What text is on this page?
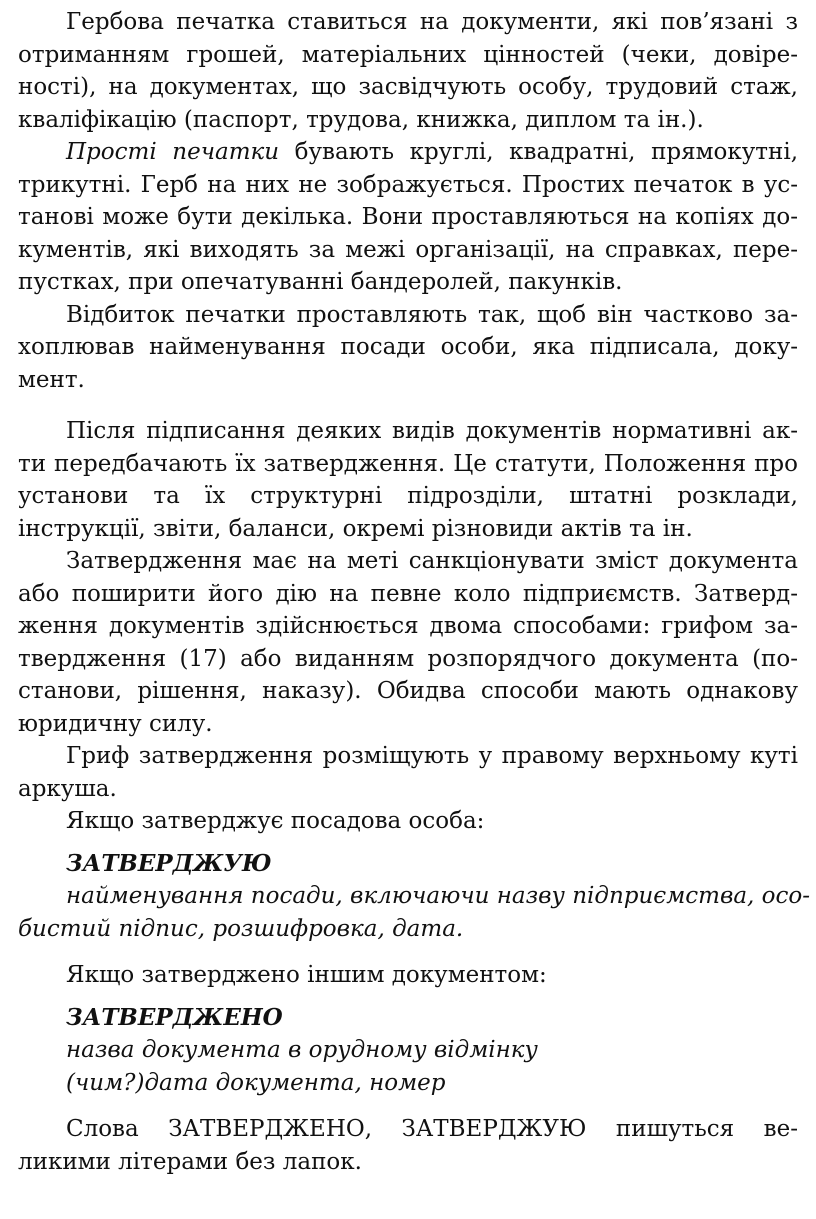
Гербова печатка ставиться на документи, які пов’язані з
отриманням грошей, матеріальних цінностей (чеки, довіре-
ності), на документах, що засвідчують особу, трудовий стаж,
кваліфікацію (паспорт, трудова, книжка, диплом та ін.).

Прості печатки бувають круглі, квадратні, прямокутні,
трикутні. Герб на них не зображується. Простих печаток в ус-
танові може бути декілька. Вони проставляються на копіях до-
кументів, які виходять за межі організації, на справках, пере-
пустках, при опечатуванні бандеролей, пакунків.

Відбиток печатки проставляють так, щоб він частково за-
хоплював найменування посади особи, яка підписала, доку-
мент.

Після підписання деяких видів документів нормативні ак-
ти передбачають їх затвердження. Це статути, Положення про
установи та їх структурні підрозділи, штатні розклади,
інструкції, звіти, баланси, окремі різновиди актів та ін.

Затвердження має на меті санкціонувати зміст документа
або поширити його дію на певне коло підприємств. Затверд-
ження документів здійснюється двома способами: грифом за-
твердження (17) або виданням розпорядчого документа (по-
станови, рішення, наказу). Обидва способи мають однакову
юридичну силу.

Гриф затвердження розміщують у правому верхньому куті
аркуша.

Якщо затверджує посадова особа:

ЗАТВЕРДЖУЮ
найменування посади, включаючи назву підприємства, осо-
бистий підпис, розшифровка, дата.

Якщо затверджено іншим документом:

ЗАТВЕРДЖЕНО
назва документа в орудному відмінку
(чим?)дата документа, номер

Слова ЗАТВЕРДЖЕНО, ЗАТВЕРДЖУЮ пишуться ве-
ликими літерами без лапок.
